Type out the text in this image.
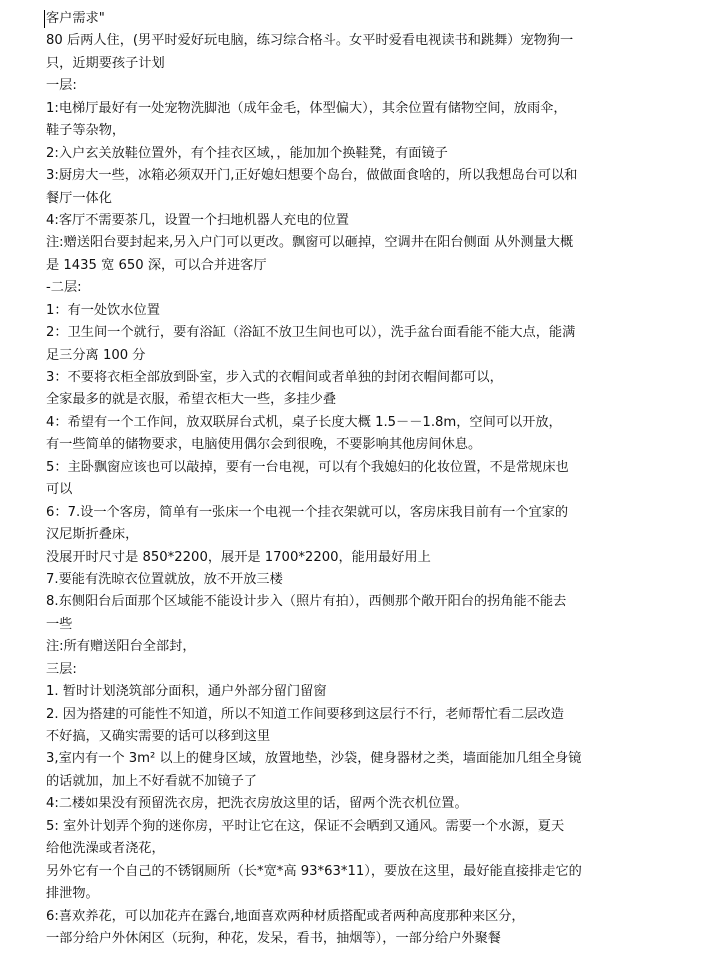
客户需求"
80 后两人住，(男平时爱好玩电脑，练习综合格斗。女平时爱看电视读书和跳舞）宠物狗一
只，近期要孩子计划
一层:
1:电梯厅最好有一处宠物洗脚池（成年金毛，体型偏大），其余位置有储物空间，放雨伞，
鞋子等杂物，
2:入户玄关放鞋位置外，有个挂衣区域，，能加加个换鞋凳，有面镜子
3:厨房大一些，冰箱必须双开门,正好媳妇想要个岛台，做做面食啥的，所以我想岛台可以和
餐厅一体化
4:客厅不需要茶几，设置一个扫地机器人充电的位置
注:赠送阳台要封起来,另入户门可以更改。飘窗可以砸掉，空调井在阳台侧面 从外测量大概
是 1435 宽 650 深，可以合并进客厅
-二层:
1：有一处饮水位置
2：卫生间一个就行，要有浴缸（浴缸不放卫生间也可以），洗手盆台面看能不能大点，能满
足三分离 100 分
3：不要将衣柜全部放到卧室，步入式的衣帽间或者单独的封闭衣帽间都可以，
全家最多的就是衣服，希望衣柜大一些，多挂少叠
4：希望有一个工作间，放双联屏台式机，桌子长度大概 1.5－－1.8m，空间可以开放，
有一些简单的储物要求，电脑使用偶尔会到很晚，不要影响其他房间休息。
5：主卧飘窗应该也可以敲掉，要有一台电视，可以有个我媳妇的化妆位置，不是常规床也
可以
6：7.设一个客房，简单有一张床一个电视一个挂衣架就可以，客房床我目前有一个宜家的
汉尼斯折叠床，
没展开时尺寸是 850*2200，展开是 1700*2200，能用最好用上
7.要能有洗晾衣位置就放，放不开放三楼
8.东侧阳台后面那个区域能不能设计步入（照片有拍），西侧那个敞开阳台的拐角能不能去
一些
注:所有赠送阳台全部封，
三层:
1. 暂时计划浇筑部分面积，通户外部分留门留窗
2. 因为搭建的可能性不知道，所以不知道工作间要移到这层行不行，老师帮忙看二层改造
不好搞，又确实需要的话可以移到这里
3,室内有一个 3m² 以上的健身区域，放置地垫，沙袋，健身器材之类，墙面能加几组全身镜
的话就加，加上不好看就不加镜子了
4:二楼如果没有预留洗衣房，把洗衣房放这里的话，留两个洗衣机位置。
5: 室外计划弄个狗的迷你房，平时让它在这，保证不会晒到又通风。需要一个水源，夏天
给他洗澡或者浇花，
另外它有一个自己的不锈钢厕所（长*宽*高 93*63*11），要放在这里，最好能直接排走它的
排泄物。
6:喜欢养花，可以加花卉在露台,地面喜欢两种材质搭配或者两种高度那种来区分，
一部分给户外休闲区（玩狗，种花，发呆，看书，抽烟等），一部分给户外聚餐
